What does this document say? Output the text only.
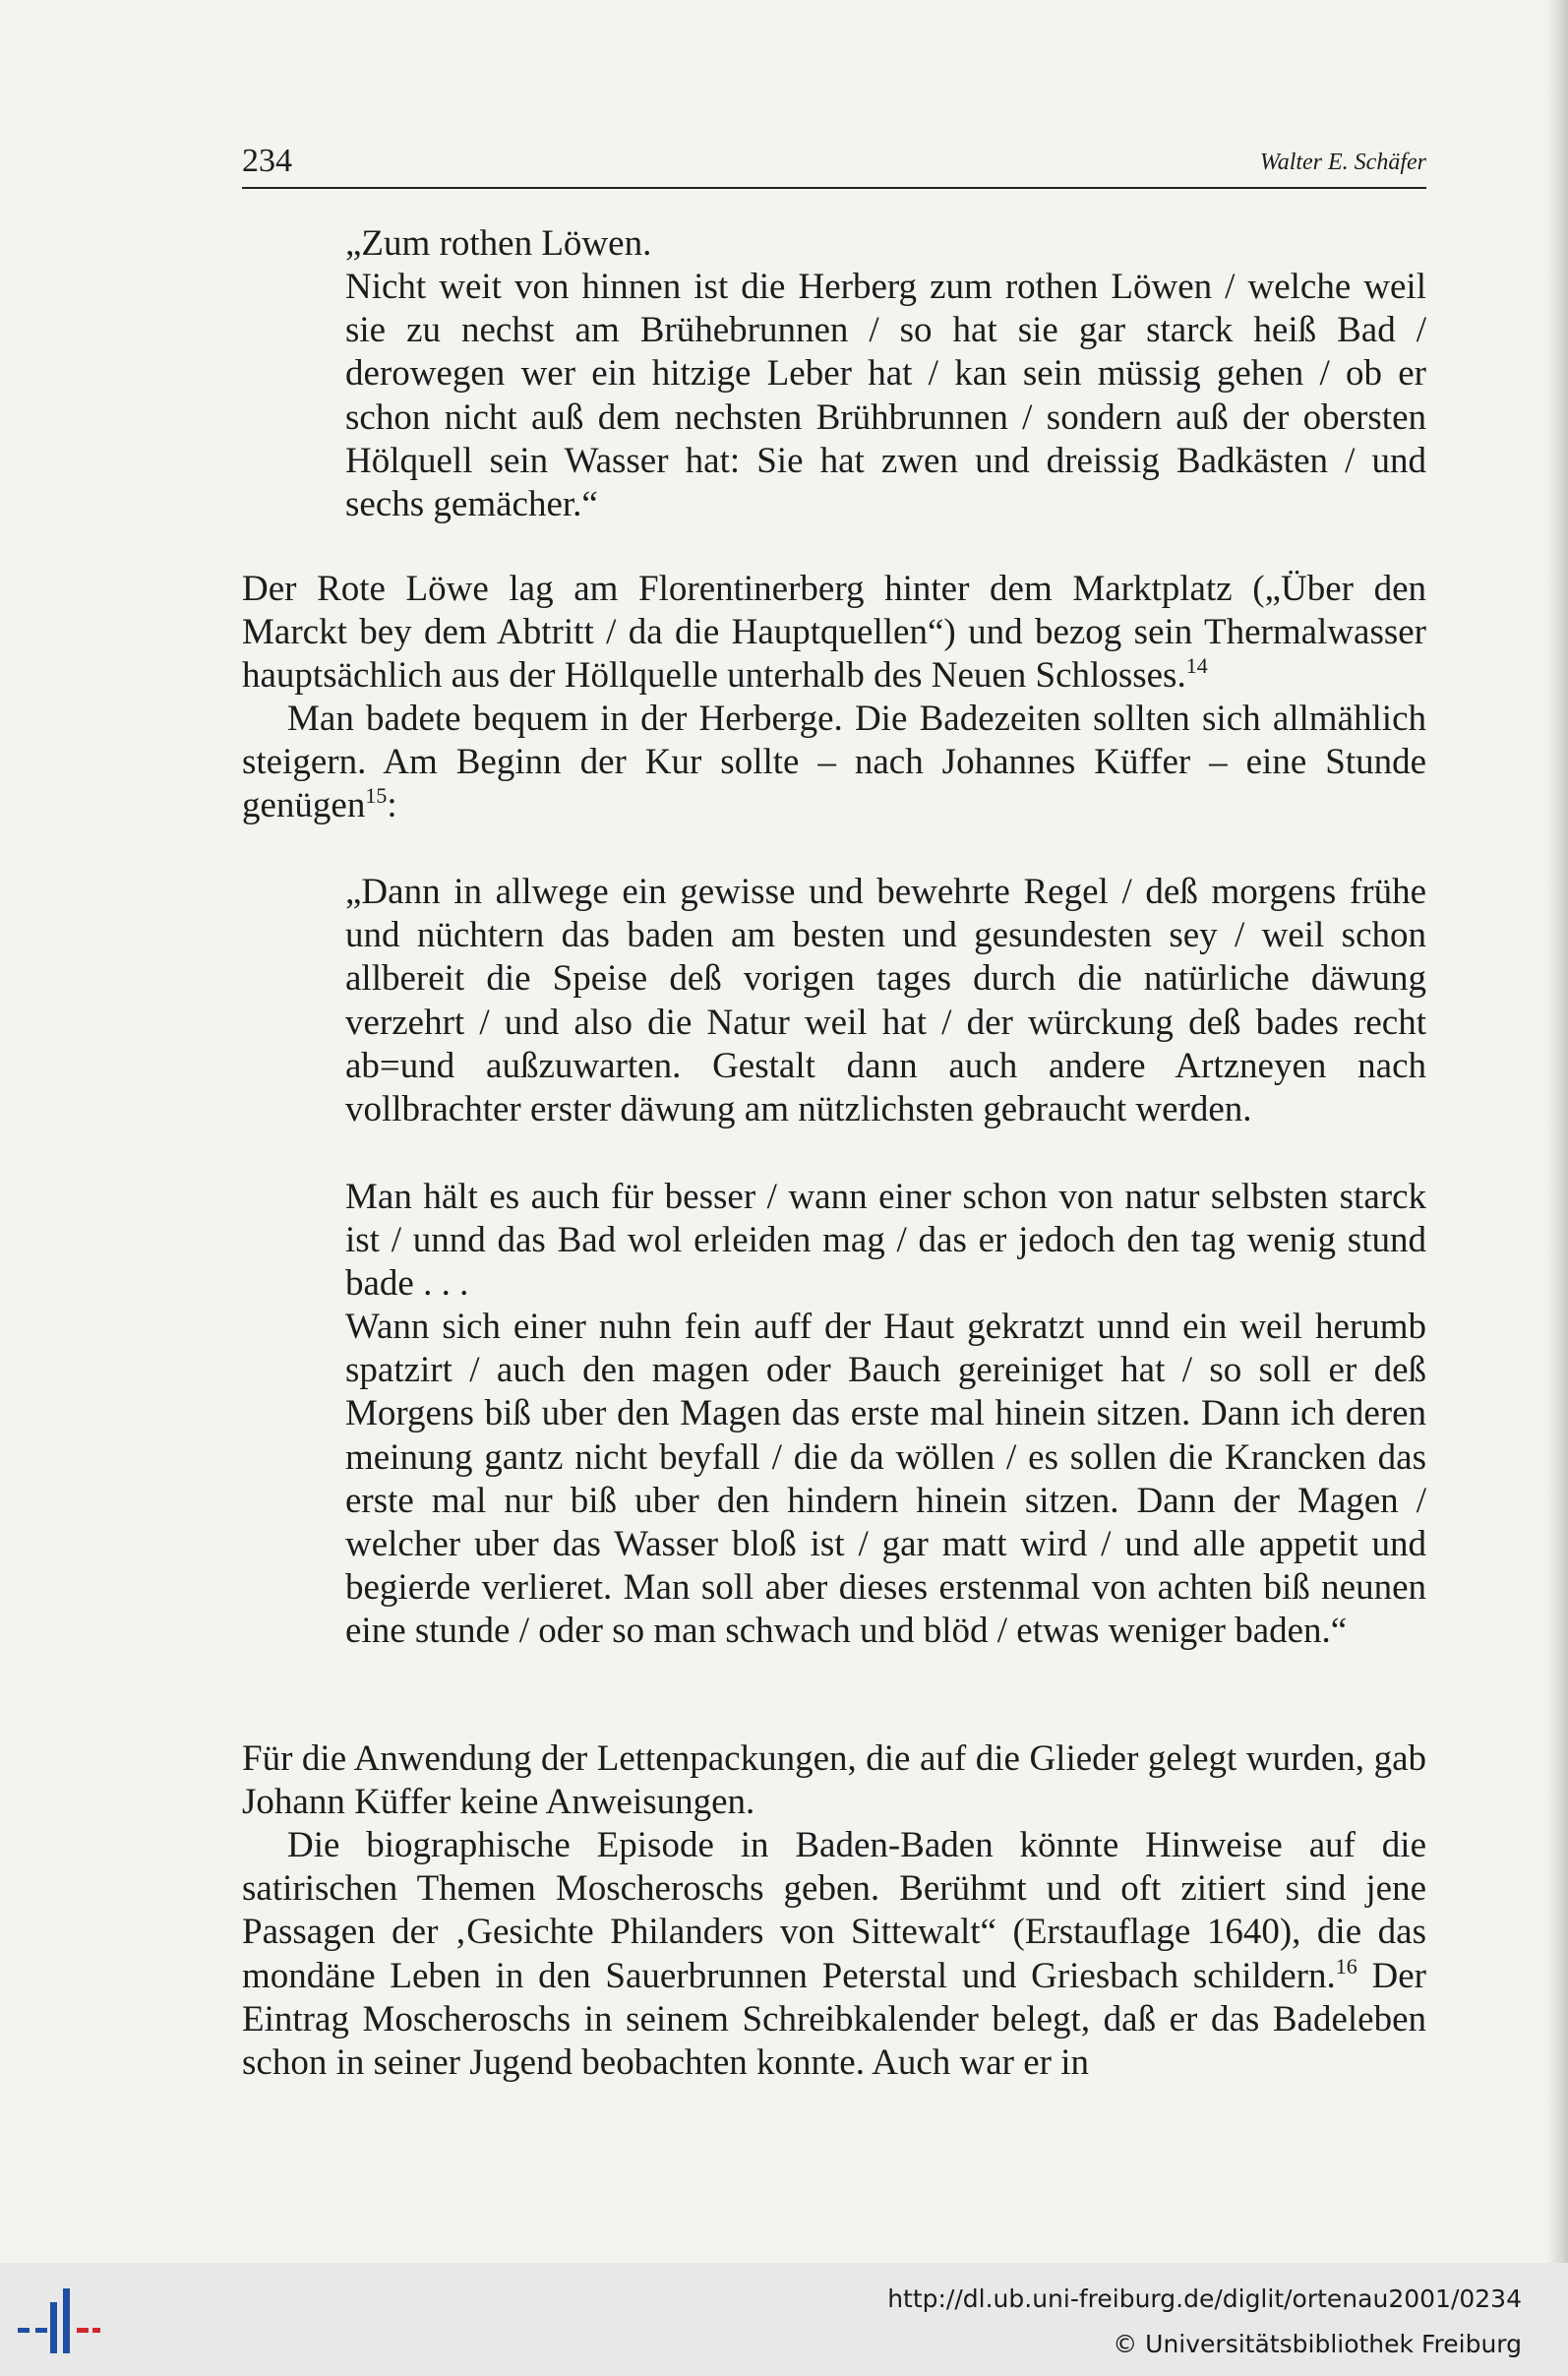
234	Walter E. Schäfer

„Zum rothen Löwen.

Nicht weit von hinnen ist die Herberg zum rothen Löwen / welche weil sie zu nechst am Brühebrunnen / so hat sie gar starck heiß Bad / derowegen wer ein hitzige Leber hat / kan sein müssig gehen / ob er schon nicht auß dem nechsten Brühbrunnen / sondern auß der obersten Hölquell sein Wasser hat: Sie hat zwen und dreissig Badkästen / und sechs gemächer.“

Der Rote Löwe lag am Florentinerberg hinter dem Marktplatz („Über den Marckt bey dem Abtritt / da die Hauptquellen“) und bezog sein Thermalwasser hauptsächlich aus der Höllquelle unterhalb des Neuen Schlosses.$^{14}$

Man badete bequem in der Herberge. Die Badezeiten sollten sich allmählich steigern. Am Beginn der Kur sollte – nach Johannes Küffer – eine Stunde genügen$^{15}$:

„Dann in allwege ein gewisse und bewehrte Regel / deß morgens frühe und nüchtern das baden am besten und gesundesten sey / weil schon allbereit die Speise deß vorigen tages durch die natürliche däwung verzehrt / und also die Natur weil hat / der würckung deß bades recht ab=und außzuwarten. Gestalt dann auch andere Artzneyen nach vollbrachter erster däwung am nützlichsten gebraucht werden.

Man hält es auch für besser / wann einer schon von natur selbsten starck ist / unnd das Bad wol erleiden mag / das er jedoch den tag wenig stund bade . . .

Wann sich einer nuhn fein auff der Haut gekratzt unnd ein weil herumb spatzirt / auch den magen oder Bauch gereiniget hat / so soll er deß Morgens biß uber den Magen das erste mal hinein sitzen. Dann ich deren meinung gantz nicht beyfall / die da wöllen / es sollen die Krancken das erste mal nur biß uber den hindern hinein sitzen. Dann der Magen / welcher uber das Wasser bloß ist / gar matt wird / und alle appetit und begierde verlieret. Man soll aber dieses erstenmal von achten biß neunen eine stunde / oder so man schwach und blöd / etwas weniger baden.“

Für die Anwendung der Lettenpackungen, die auf die Glieder gelegt wurden, gab Johann Küffer keine Anweisungen.

Die biographische Episode in Baden-Baden könnte Hinweise auf die satirischen Themen Moscheroschs geben. Berühmt und oft zitiert sind jene Passagen der ‚Gesichte Philanders von Sittewalt“ (Erstauflage 1640), die das mondäne Leben in den Sauerbrunnen Peterstal und Griesbach schildern.$^{16}$ Der Eintrag Moscheroschs in seinem Schreibkalender belegt, daß er das Badeleben schon in seiner Jugend beobachten konnte. Auch war er in

http://dl.ub.uni-freiburg.de/diglit/ortenau2001/0234
© Universitätsbibliothek Freiburg
